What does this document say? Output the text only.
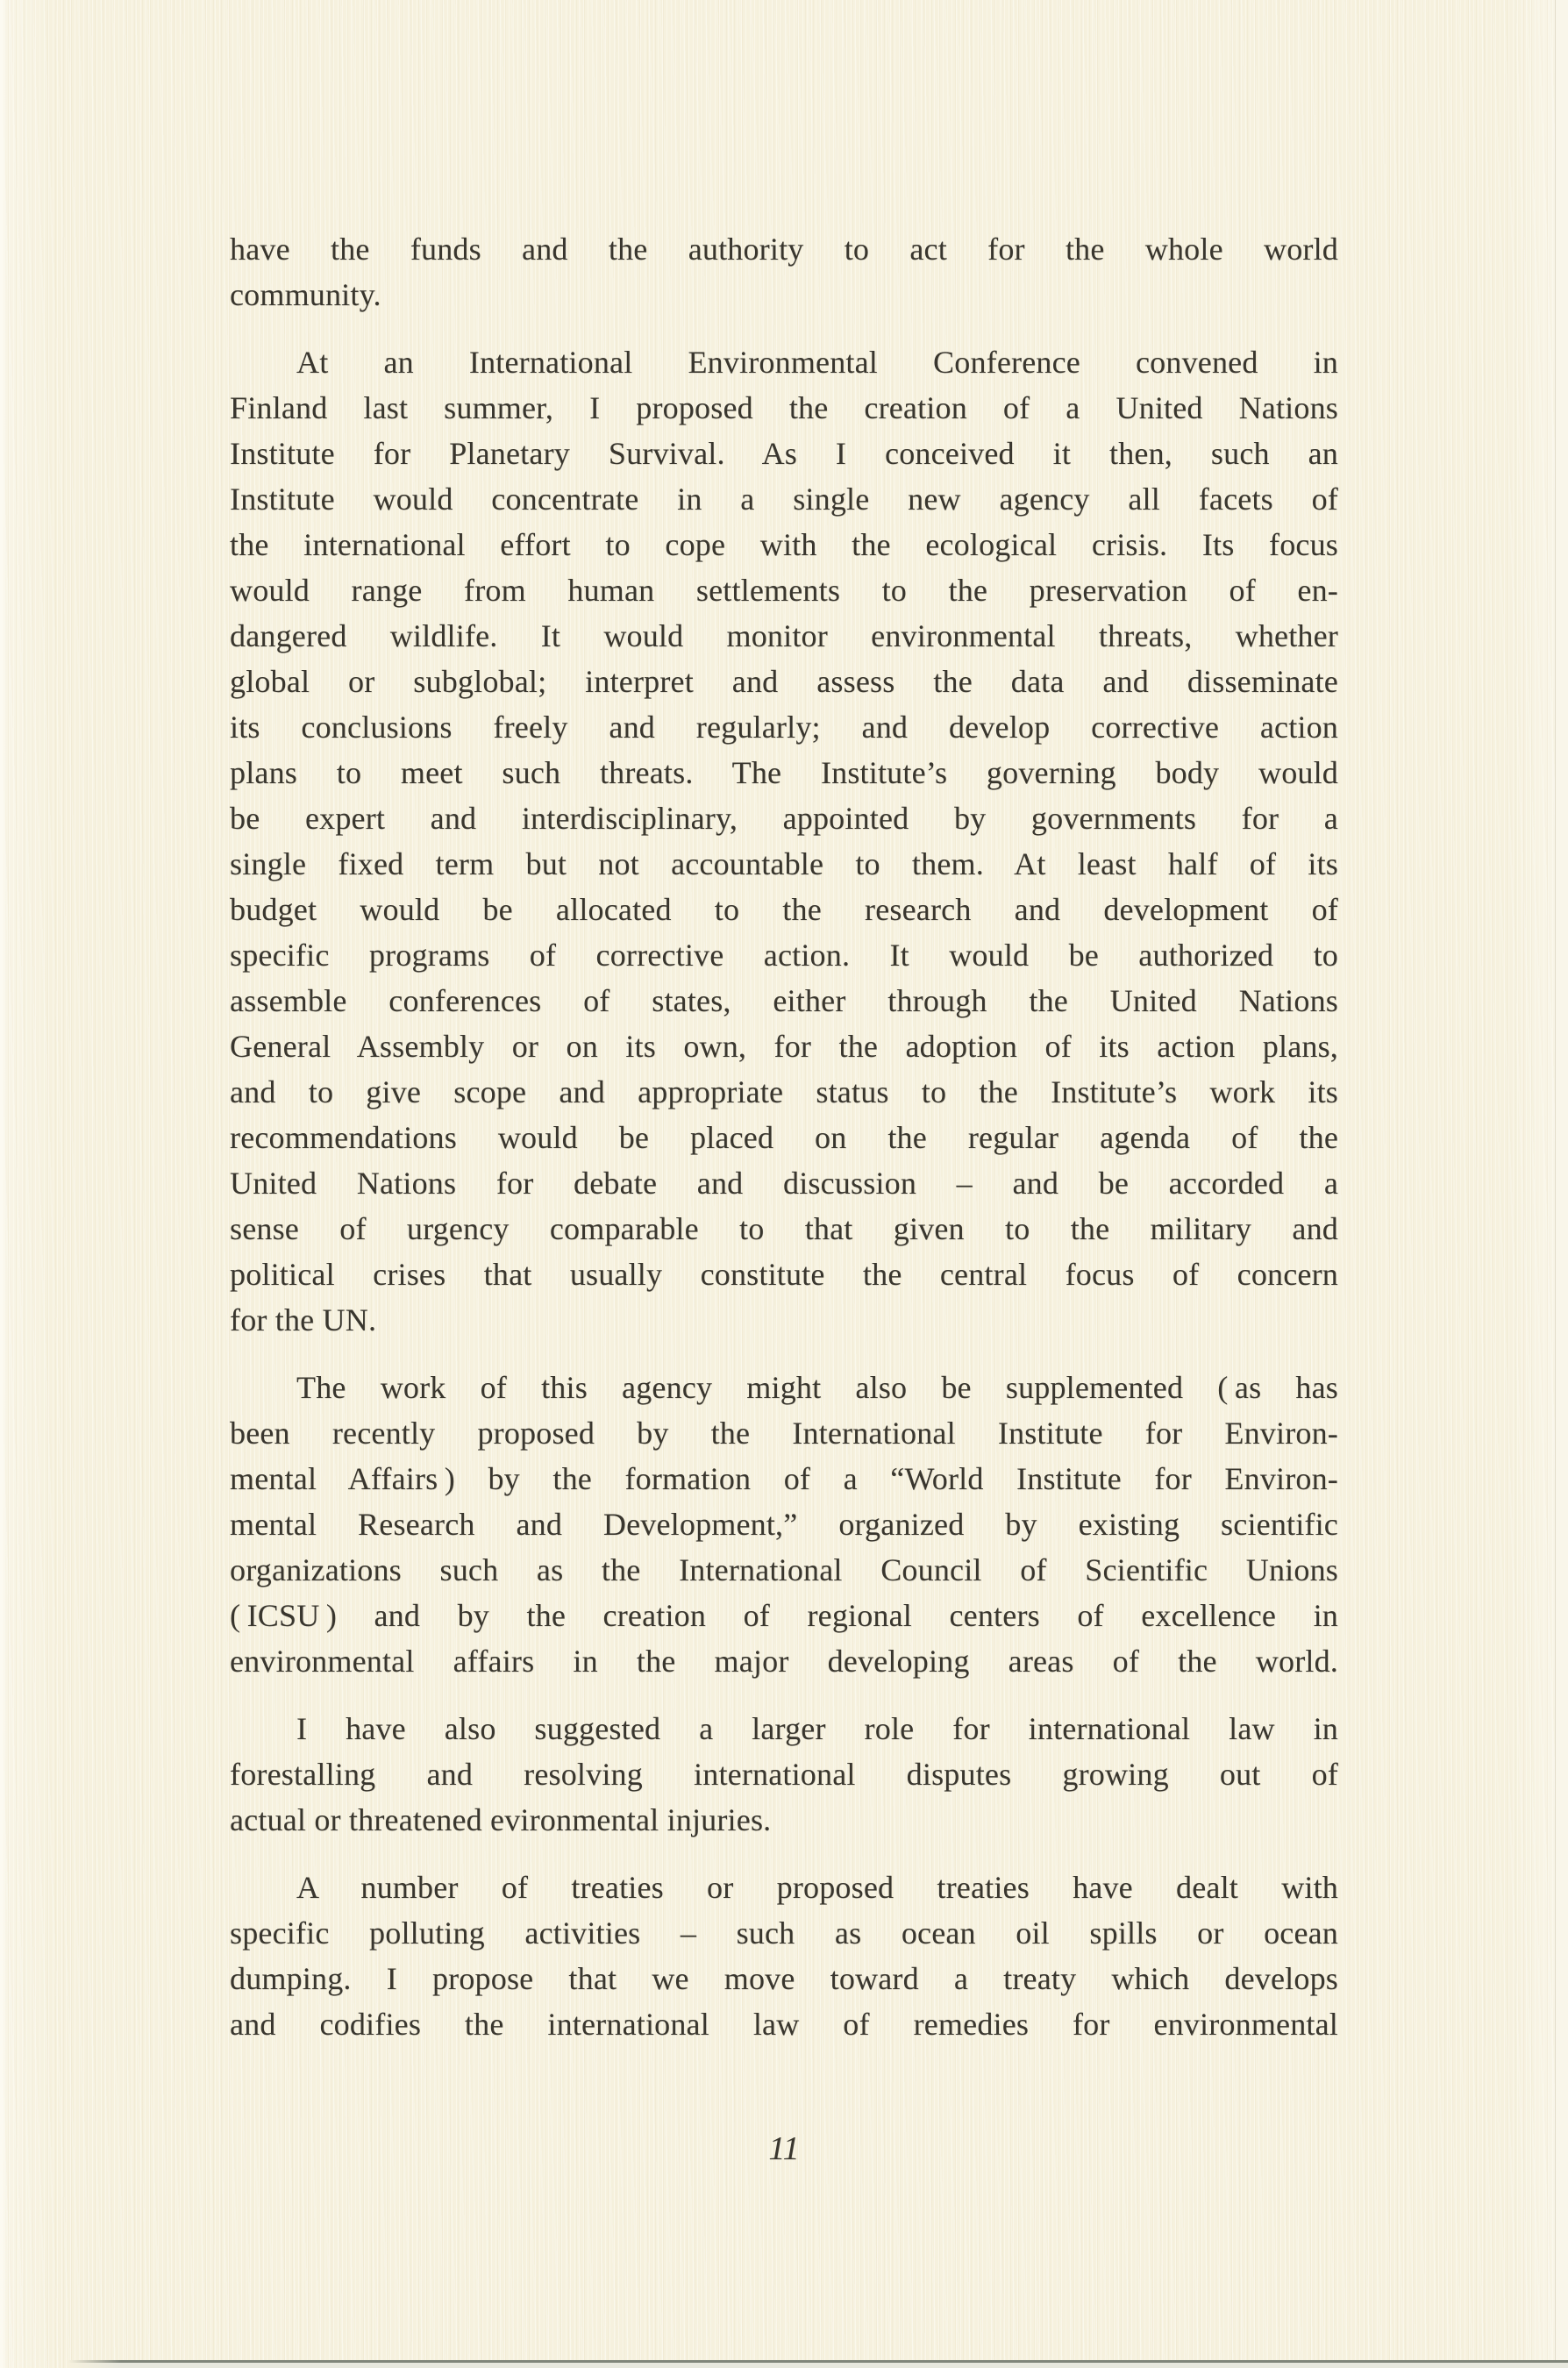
have the funds and the authority to act for the whole world
community.
At an International Environmental Conference convened in
Finland last summer, I proposed the creation of a United Nations
Institute for Planetary Survival. As I conceived it then, such an
Institute would concentrate in a single new agency all facets of
the international effort to cope with the ecological crisis. Its focus
would range from human settlements to the preservation of en-
dangered wildlife. It would monitor environmental threats, whether
global or subglobal; interpret and assess the data and disseminate
its conclusions freely and regularly; and develop corrective action
plans to meet such threats. The Institute’s governing body would
be expert and interdisciplinary, appointed by governments for a
single fixed term but not accountable to them. At least half of its
budget would be allocated to the research and development of
specific programs of corrective action. It would be authorized to
assemble conferences of states, either through the United Nations
General Assembly or on its own, for the adoption of its action plans,
and to give scope and appropriate status to the Institute’s work its
recommendations would be placed on the regular agenda of the
United Nations for debate and discussion – and be accorded a
sense of urgency comparable to that given to the military and
political crises that usually constitute the central focus of concern
for the UN.
The work of this agency might also be supplemented ( as has
been recently proposed by the International Institute for Environ-
mental Affairs ) by the formation of a “World Institute for Environ-
mental Research and Development,” organized by existing scientific
organizations such as the International Council of Scientific Unions
( ICSU ) and by the creation of regional centers of excellence in
environmental affairs in the major developing areas of the world.
I have also suggested a larger role for international law in
forestalling and resolving international disputes growing out of
actual or threatened evironmental injuries.
A number of treaties or proposed treaties have dealt with
specific polluting activities – such as ocean oil spills or ocean
dumping. I propose that we move toward a treaty which develops
and codifies the international law of remedies for environmental
11
